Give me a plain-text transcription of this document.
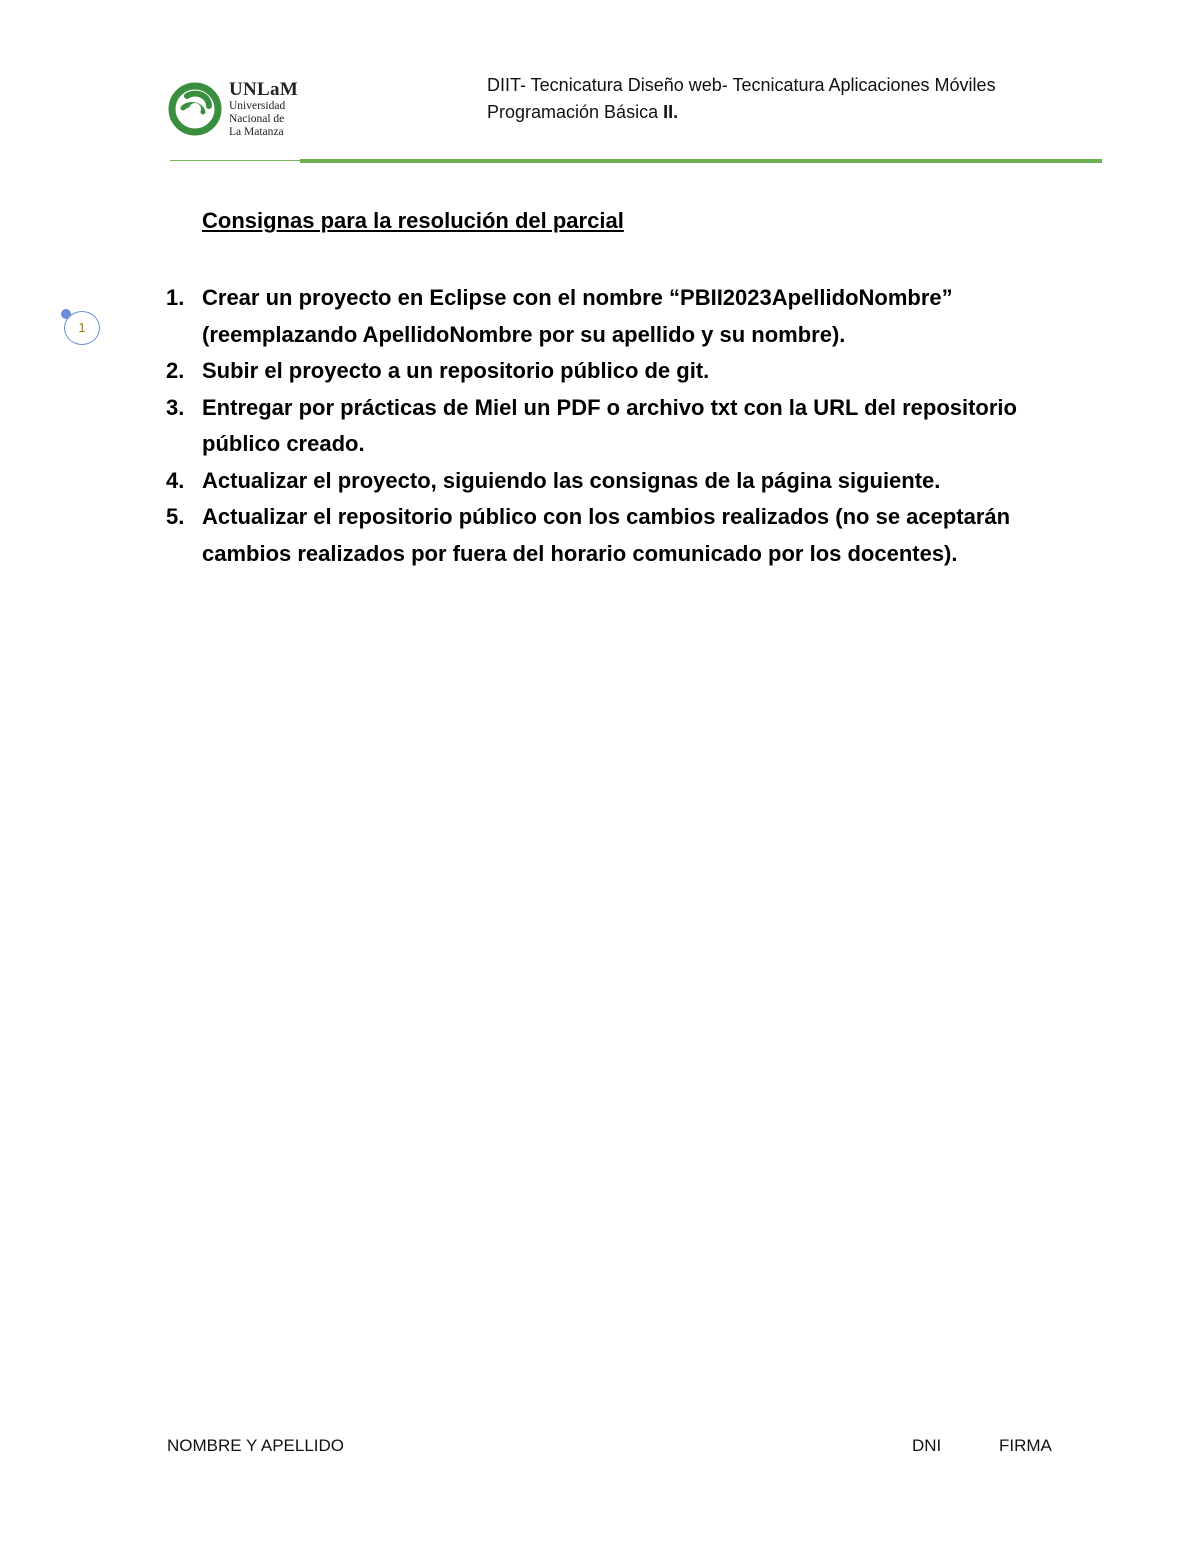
UNLaM
Universidad
Nacional de
La Matanza
DIIT- Tecnicatura Diseño web- Tecnicatura Aplicaciones Móviles
Programación Básica II.
1
Consignas para la resolución del parcial
1. Crear un proyecto en Eclipse con el nombre “PBII2023ApellidoNombre”
(reemplazando ApellidoNombre por su apellido y su nombre).
2. Subir el proyecto a un repositorio público de git.
3. Entregar por prácticas de Miel un PDF o archivo txt con la URL del repositorio
público creado.
4. Actualizar el proyecto, siguiendo las consignas de la página siguiente.
5. Actualizar el repositorio público con los cambios realizados (no se aceptarán
cambios realizados por fuera del horario comunicado por los docentes).
NOMBRE Y APELLIDO	DNI	FIRMA
